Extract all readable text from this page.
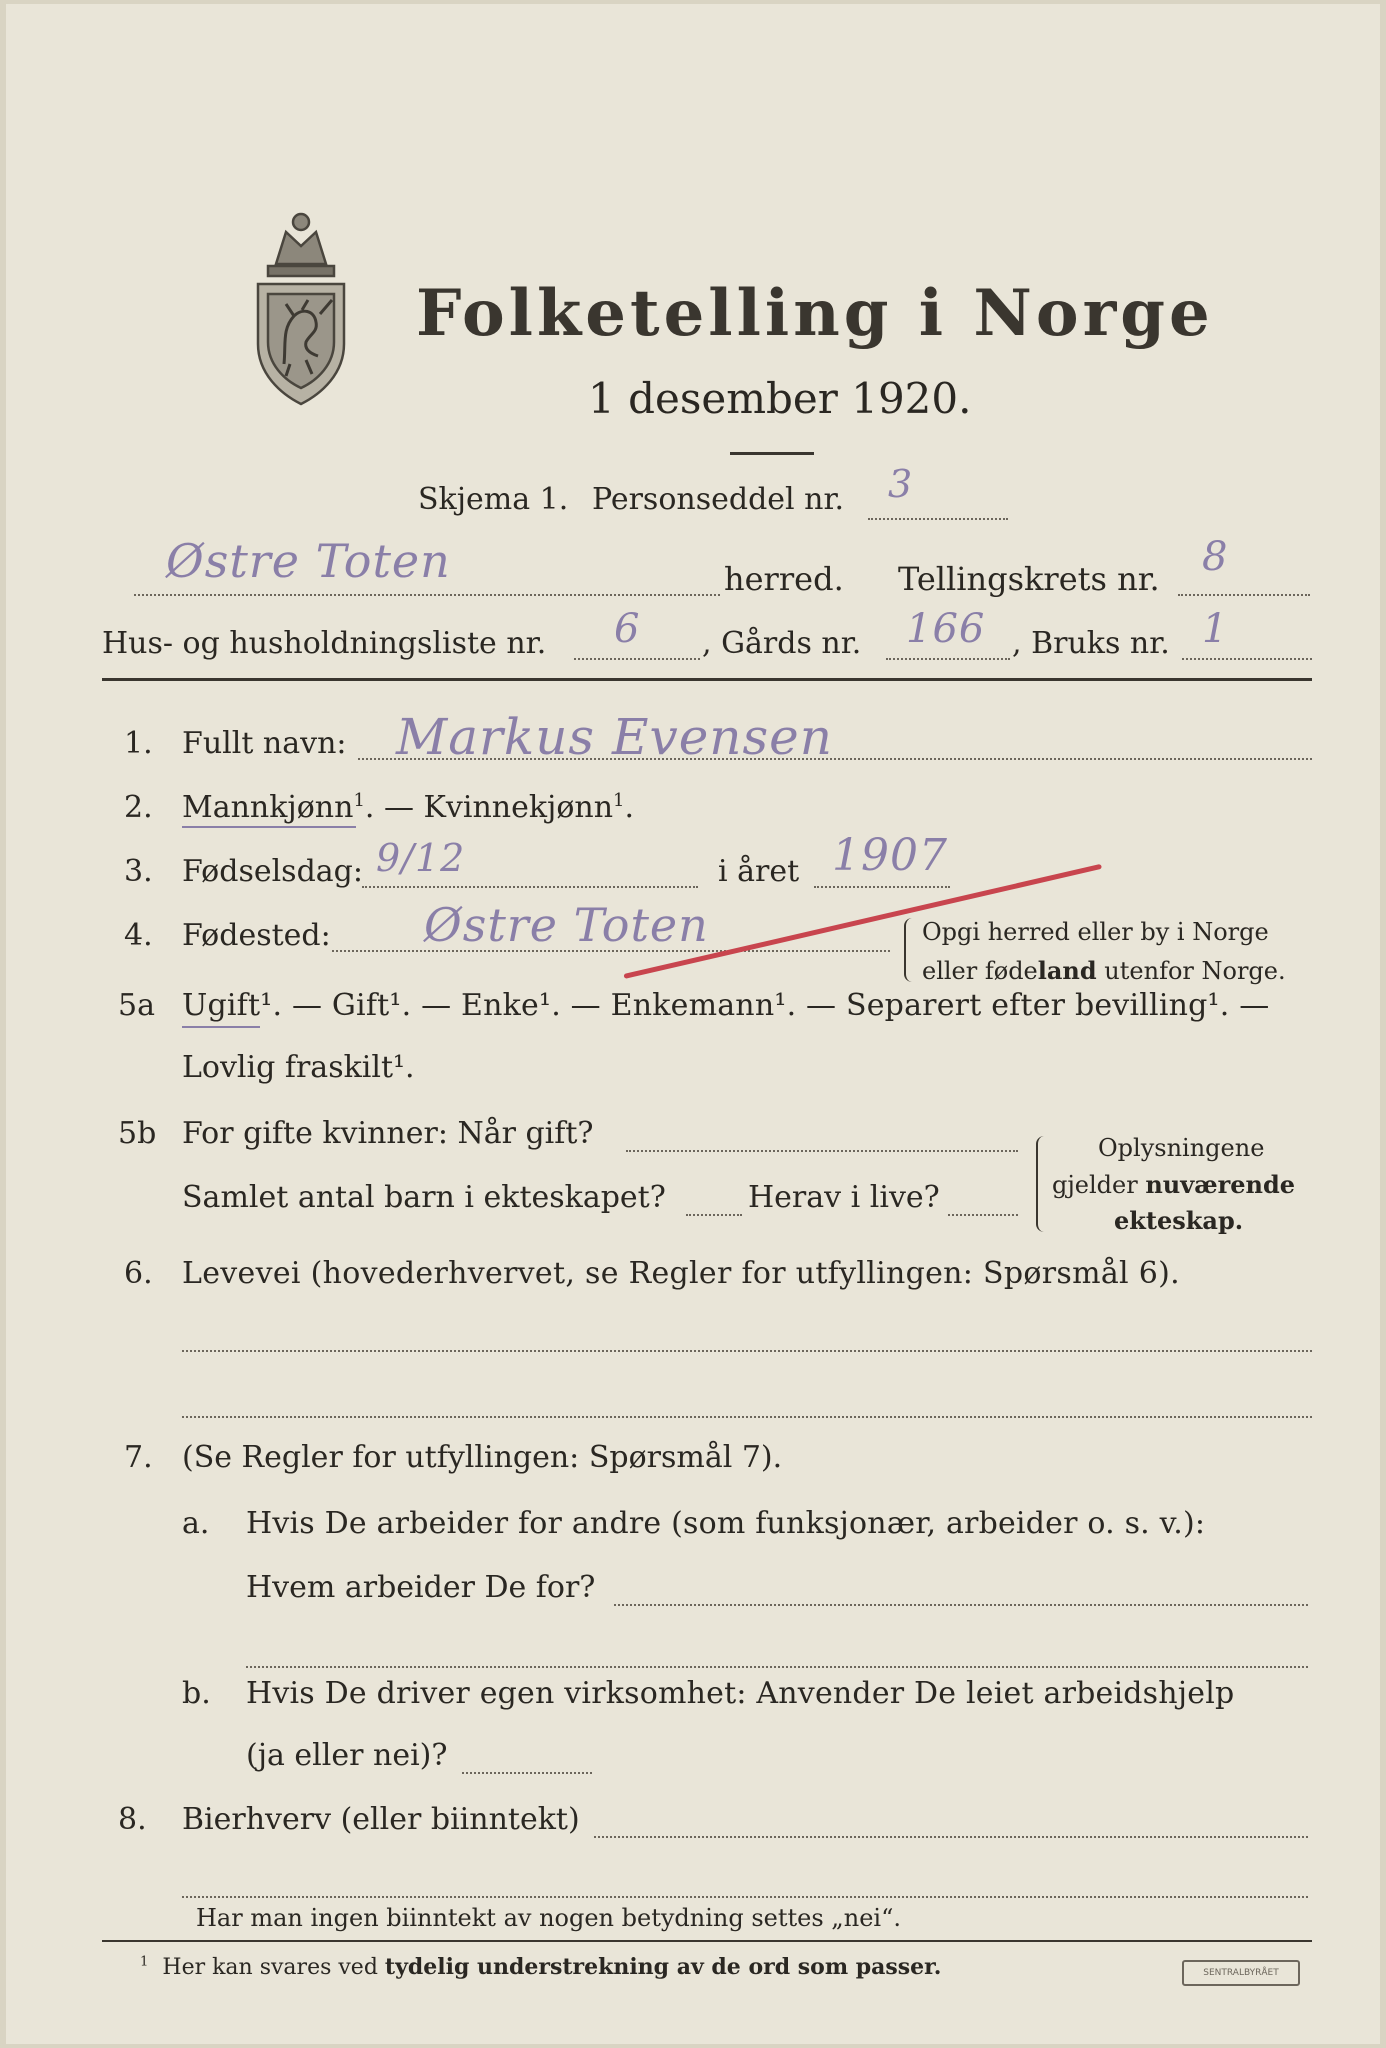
Folketelling i Norge
1 desember 1920.
Skjema 1. Personseddel nr. 3
Østre Toten	herred. Tellingskrets nr. 8
Hus- og husholdningsliste nr. 6 , Gårds nr. 166 , Bruks nr. 1
1. Fullt navn: Markus Evensen
2. Mannkjønn$^1$. — Kvinnekjønn$^1$.
3. Fødselsdag: 9/12	i året 1907
4. Fødested: Østre Toten	Opgi herred eller by i Norge
eller fødeland utenfor Norge.
5a Ugift¹. — Gift¹. — Enke¹. — Enkemann¹. — Separert efter bevilling¹. —
Lovlig fraskilt¹.
5b For gifte kvinner: Når gift?
Samlet antal barn i ekteskapet?	Herav i live?
Oplysningene
gjelder nuværende
ekteskap.
6. Levevei (hovederhvervet, se Regler for utfyllingen: Spørsmål 6).
7. (Se Regler for utfyllingen: Spørsmål 7).
a. Hvis De arbeider for andre (som funksjonær, arbeider o. s. v.):
Hvem arbeider De for?
b. Hvis De driver egen virksomhet: Anvender De leiet arbeidshjelp
(ja eller nei)?
8. Bierhverv (eller biinntekt)
Har man ingen biinntekt av nogen betydning settes „nei“.
$^1$ Her kan svares ved tydelig understrekning av de ord som passer.	SENTRALBYRÅET
